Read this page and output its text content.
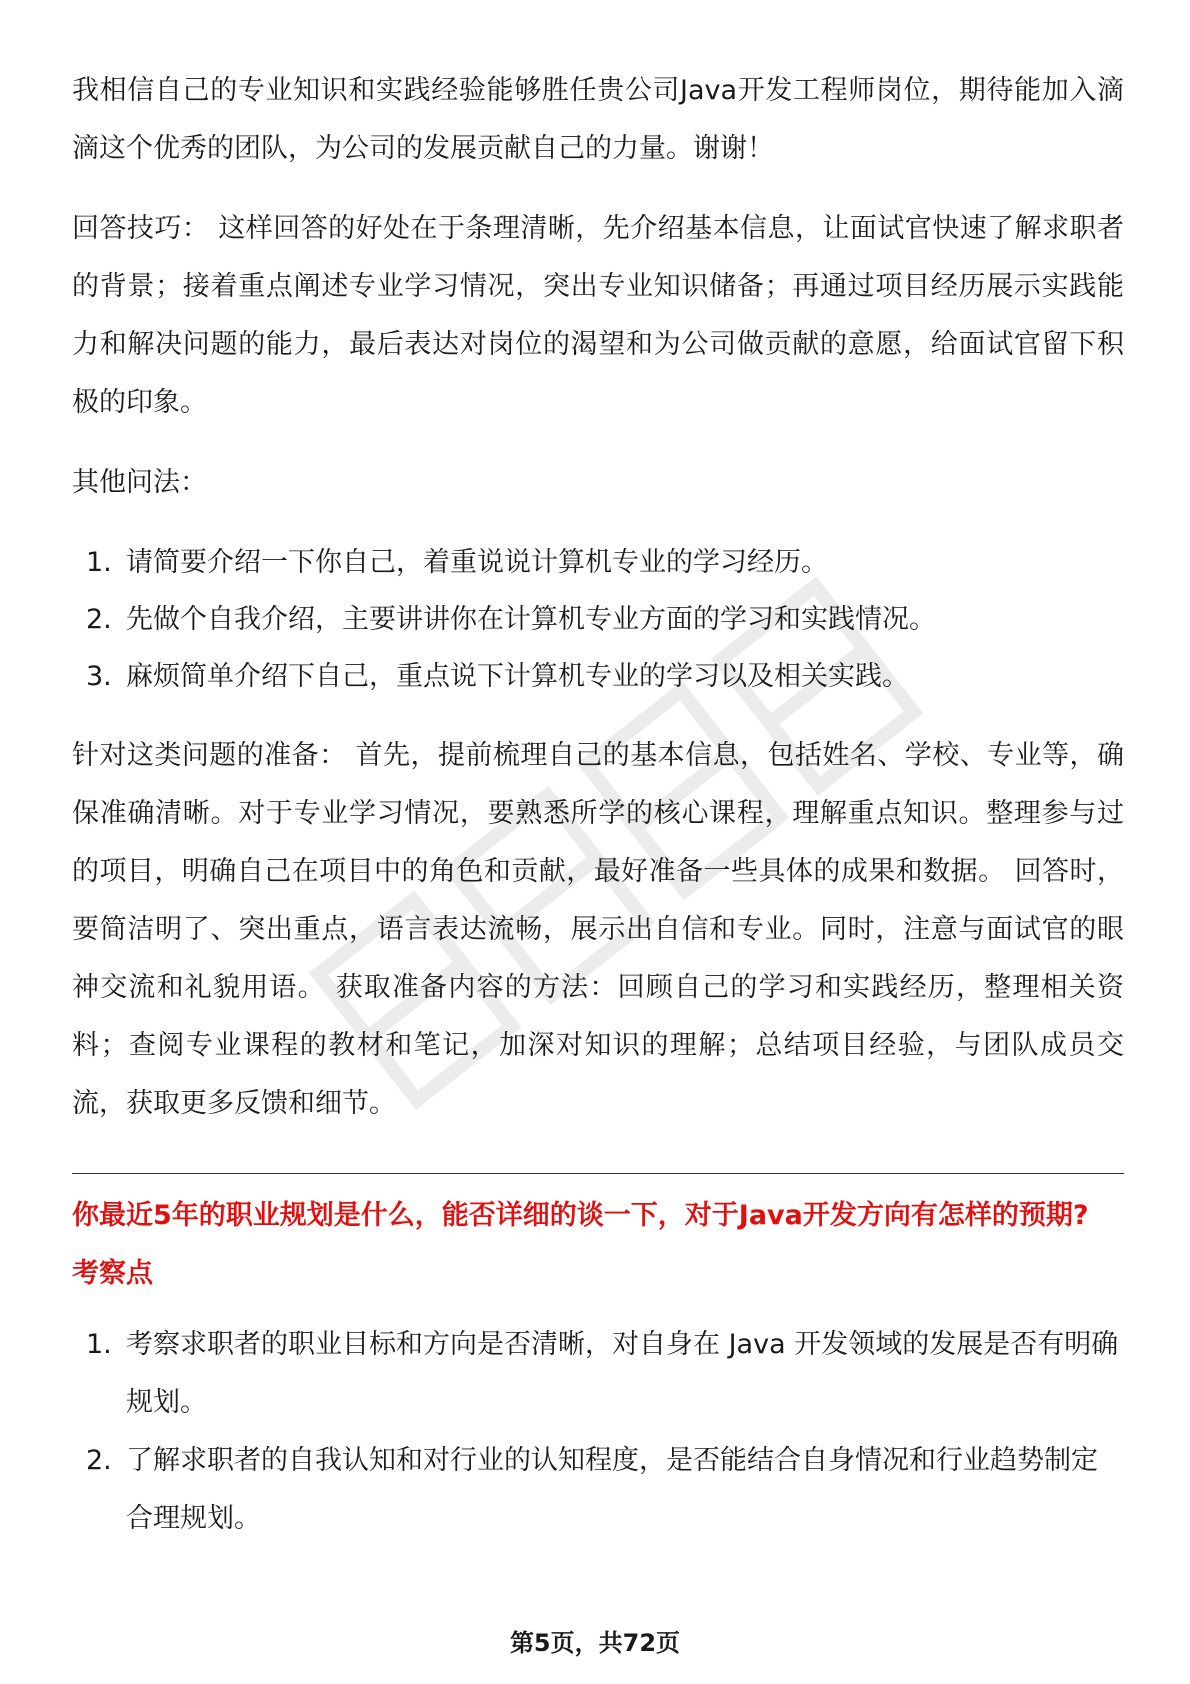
我相信自己的专业知识和实践经验能够胜任贵公司Java开发工程师岗位，期待能加入滴滴这个优秀的团队，为公司的发展贡献自己的力量。谢谢！

回答技巧： 这样回答的好处在于条理清晰，先介绍基本信息，让面试官快速了解求职者的背景；接着重点阐述专业学习情况，突出专业知识储备；再通过项目经历展示实践能力和解决问题的能力，最后表达对岗位的渴望和为公司做贡献的意愿，给面试官留下积极的印象。

其他问法：

1. 请简要介绍一下你自己，着重说说计算机专业的学习经历。
2. 先做个自我介绍，主要讲讲你在计算机专业方面的学习和实践情况。
3. 麻烦简单介绍下自己，重点说下计算机专业的学习以及相关实践。

针对这类问题的准备： 首先，提前梳理自己的基本信息，包括姓名、学校、专业等，确保准确清晰。对于专业学习情况，要熟悉所学的核心课程，理解重点知识。整理参与过的项目，明确自己在项目中的角色和贡献，最好准备一些具体的成果和数据。 回答时，要简洁明了、突出重点，语言表达流畅，展示出自信和专业。同时，注意与面试官的眼神交流和礼貌用语。 获取准备内容的方法：回顾自己的学习和实践经历，整理相关资料；查阅专业课程的教材和笔记，加深对知识的理解；总结项目经验，与团队成员交流，获取更多反馈和细节。

你最近5年的职业规划是什么，能否详细的谈一下，对于Java开发方向有怎样的预期?

考察点

1. 考察求职者的职业目标和方向是否清晰，对自身在 Java 开发领域的发展是否有明确规划。
2. 了解求职者的自我认知和对行业的认知程度，是否能结合自身情况和行业趋势制定合理规划。
第5页，共72页
